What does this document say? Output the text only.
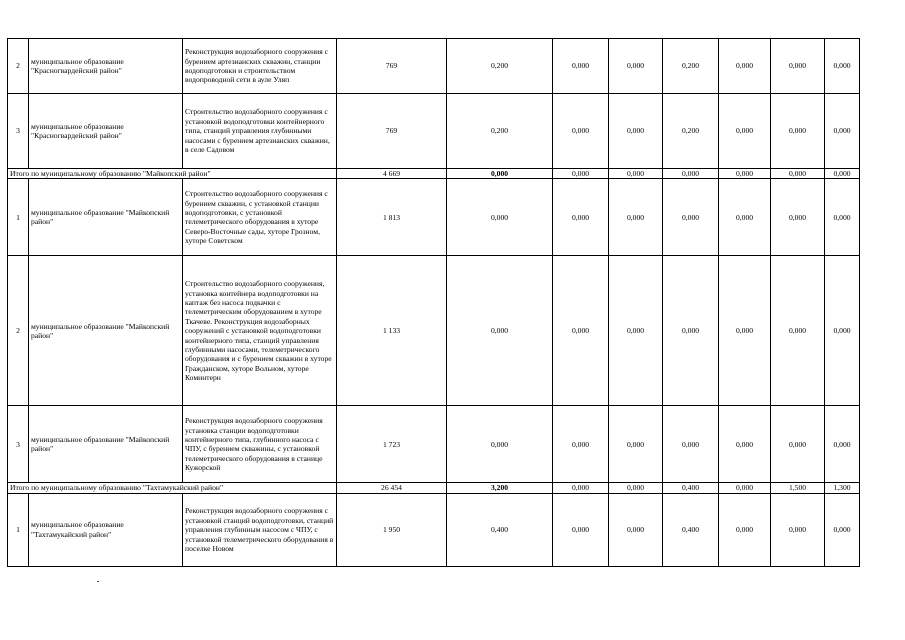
2	муниципальное образование "Красногвардейский район"	Реконструкция водозаборного сооружения с бурением артезианских скважин, станции водоподготовки и строительством водопроводной сети в ауле Уляп	769	0,200	0,000	0,000	0,200	0,000	0,000	0,000
3	муниципальное образование "Красногвардейский район"	Строительство водозаборного сооружения с установкой водоподготовки контейнерного типа, станций управления глубинными насосами с бурением артезианских скважин, в селе Садовом	769	0,200	0,000	0,000	0,200	0,000	0,000	0,000
Итого по муниципальному образованию "Майкопский район"			4 669	0,000	0,000	0,000	0,000	0,000	0,000	0,000
1	муниципальное образование "Майкопский район"	Строительство водозаборного сооружения с бурением скважин, с установкой станции водоподготовки, с установкой телеметрического оборудования в хуторе Северо-Восточные сады, хуторе Грозном, хуторе Советском	1 813	0,000	0,000	0,000	0,000	0,000	0,000	0,000
2	муниципальное образование "Майкопский район"	Строительство водозаборного сооружения, установка контейнера водоподготовки на каптаж без насоса подкачки с телеметрическим оборудованием в хуторе Ткачеве. Реконструкция водозаборных сооружений с установкой водоподготовки контейнерного типа, станций управления глубинными насосами, телеметрического оборудования и с бурением скважин в хуторе Гражданском, хуторе Вольном, хуторе Коминтерн	1 133	0,000	0,000	0,000	0,000	0,000	0,000	0,000
3	муниципальное образование "Майкопский район"	Реконструкция водозаборного сооружения установка станции водоподготовки контейнерного типа, глубинного насоса с ЧПУ, с бурением скважины, с установкой телеметрического оборудования в станице Кужорской	1 723	0,000	0,000	0,000	0,000	0,000	0,000	0,000
Итого по муниципальному образованию "Тахтамукайский район"			26 454	3,200	0,000	0,000	0,400	0,000	1,500	1,300
1	муниципальное образование "Тахтамукайский район"	Реконструкция водозаборного сооружения с установкой станций водоподготовки, станций управления глубинным насосом с ЧПУ, с установкой телеметрического оборудования в поселке Новом	1 950	0,400	0,000	0,000	0,400	0,000	0,000	0,000
